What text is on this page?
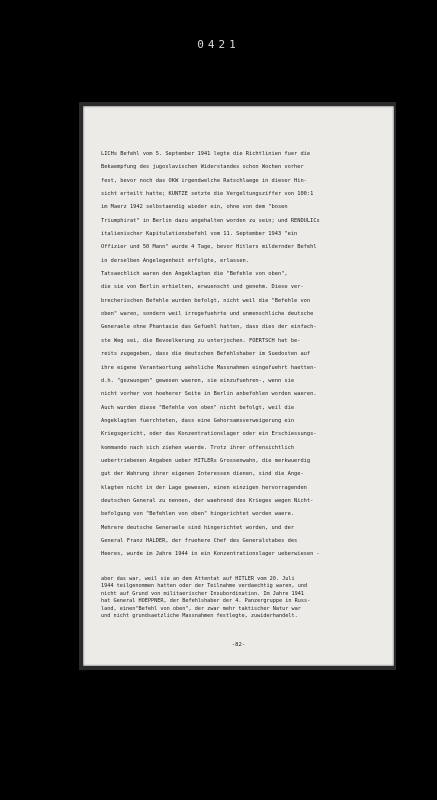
0421
LICHs Befehl vom 5. September 1941 legte die Richtlinien fuer die
Bekaempfung des jugoslavischen Widerstandes schon Wochen vorher
fest, bevor noch das OKW irgendwelche Ratschlaege in dieser Hin-
sicht erteilt hatte; KUNTZE setzte die Vergeltungsziffer von 100:1
im Maerz 1942 selbstaendig wieder ein, ohne von dem "bosen
Triumphirat" in Berlin dazu angehalten worden zu sein; und RENDULICs
italienischer Kapitulationsbefehl vom 11. September 1943 "ein
Offizier und 50 Mann" wurde 4 Tage, bevor Hitlers mildernder Befehl
in derselben Angelegenheit erfolgte, erlassen.
Tatsaechlich waren den Angeklagten die "Befehle von oben",
die sie von Berlin erhielten, erwuenscht und genehm. Diese ver-
brecherischen Befehle wurden befolgt, nicht weil die "Befehle von
oben" waren, sondern weil irregefuehrte und unmenschliche deutsche
Generaele ohne Phantasie das Gefuehl hatten, dass dies der einfach-
ste Weg sei, die Bevoelkerung zu unterjochen. FOERTSCH hat be-
reits zugegeben, dass die deutschen Befehlshaber im Suedosten auf
ihre eigene Verantwortung aehnliche Massnahmen eingefuehrt haetten-
d.h. "gezwungen" gewesen waeren, sie einzufuehren-, wenn sie
nicht vorher von hoeherer Seite in Berlin anbefohlen worden waeren.
Auch wurden diese "Befehle von oben" nicht befolgt, weil die
Angeklagten fuerchteten, dass eine Gehorsamsverweigerung ein
Kriegsgericht, oder das Konzentrationslager oder ein Erschiessungs-
kommando nach sich ziehen wuerde. Trotz ihrer offensichtlich
uebertriebenen Angaben ueber HITLERs Grossenwahn, die merkwuerdig
gut der Wahrung ihrer eigenen Interessen dienen, sind die Ange-
klagten nicht in der Lage gewesen, einen einzigen hervorragenden
deutschen General zu nennen, der waehrend des Krieges wegen Nicht-
befolgung von "Befehlen von oben" hingerichtet worden waere.
Mehrere deutsche Generaele sind hingerichtet worden, und der
General Franz HALDER, der fruehere Chef des Generalstabes des
Heeres, wurde im Jahre 1944 in ein Konzentrationslager ueberwiesen -
aber das war, weil sie an dem Attentat auf HITLER vom 20. Juli
1944 teilgenommen hatten oder der Teilnahme verdaechtig waren, und
nicht auf Grund von militaerischer Insubordination. Im Jahre 1941
hat General HOEPPNER, der Befehlshaber der 4. Panzergruppe in Russ-
land, einen"Befehl von oben", der zwar mehr taktischer Natur war
und nicht grundsaetzliche Massnahmen festlegte, zuwiderhandelt.
-82-
